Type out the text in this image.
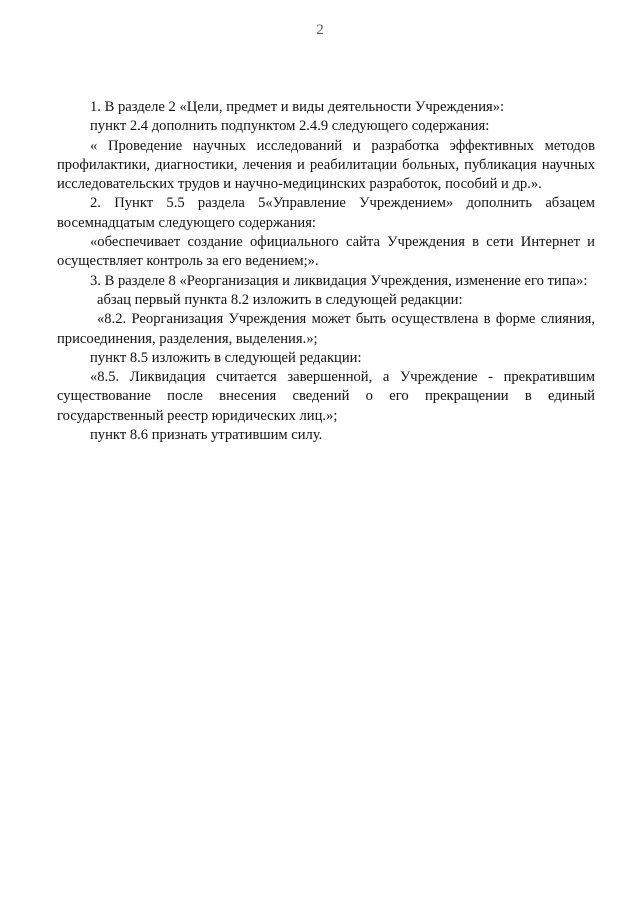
2

1. В разделе 2 «Цели, предмет и виды деятельности Учреждения»:

пункт 2.4 дополнить подпунктом 2.4.9 следующего содержания:

« Проведение научных исследований и разработка эффективных методов профилактики, диагностики, лечения и реабилитации больных, публикация научных исследовательских трудов и научно-медицинских разработок, пособий и др.».

2. Пункт 5.5 раздела 5«Управление Учреждением» дополнить абзацем восемнадцатым следующего содержания:

«обеспечивает создание официального сайта Учреждения в сети Интернет и осуществляет контроль за его ведением;».

3. В разделе 8 «Реорганизация и ликвидация Учреждения, изменение его типа»:

абзац первый пункта 8.2 изложить в следующей редакции:

«8.2. Реорганизация Учреждения может быть осуществлена в форме слияния, присоединения, разделения, выделения.»;

пункт 8.5 изложить в следующей редакции:

«8.5. Ликвидация считается завершенной, а Учреждение - прекратившим существование после внесения сведений о его прекращении в единый государственный реестр юридических лиц.»;

пункт 8.6 признать утратившим силу.
